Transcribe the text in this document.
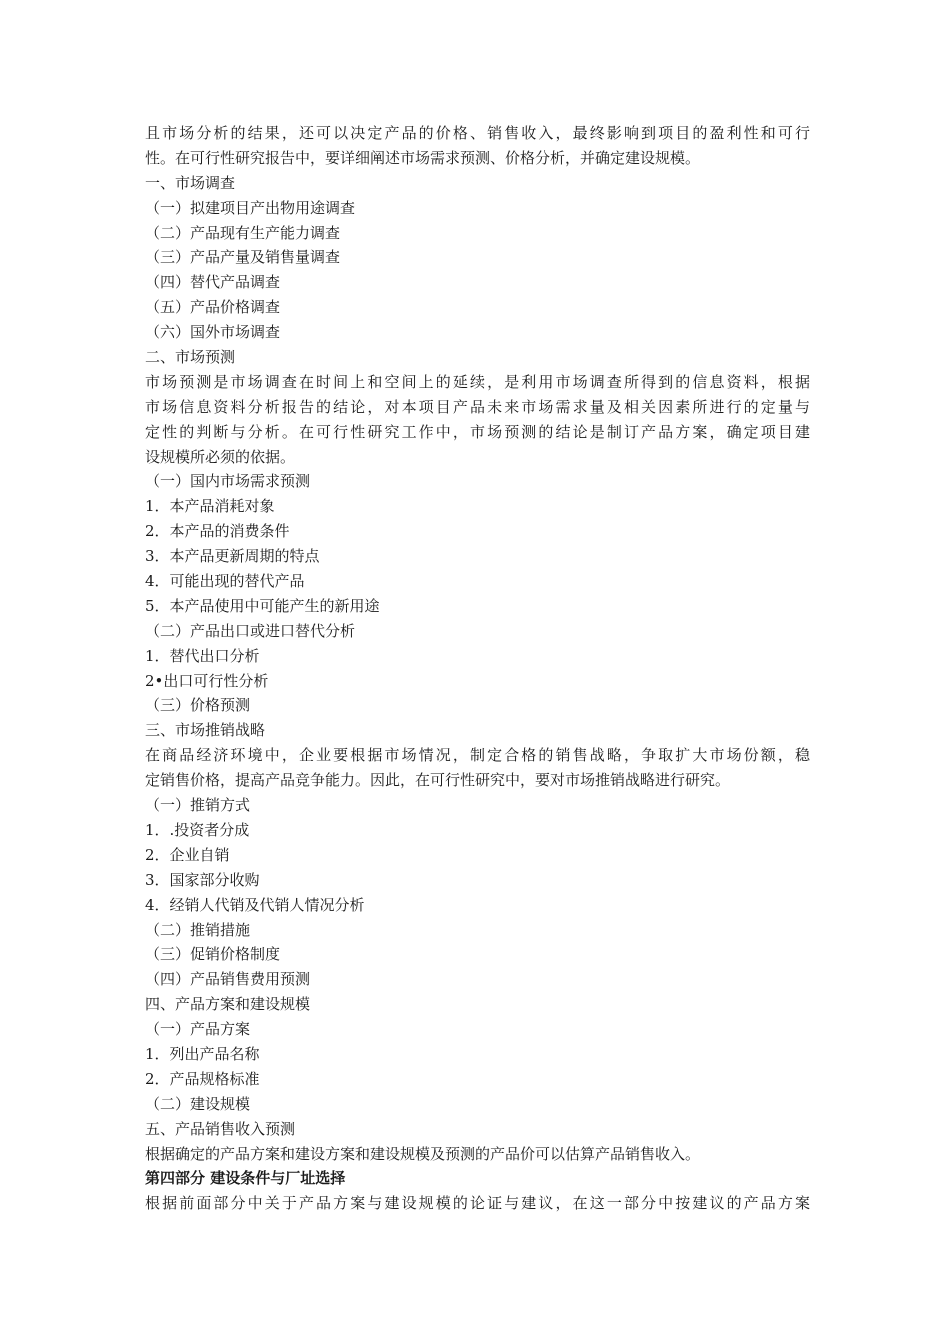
且市场分析的结果，还可以决定产品的价格、销售收入，最终影响到项目的盈利性和可行
性。在可行性研究报告中，要详细阐述市场需求预测、价格分析，并确定建设规模。
一、市场调查
（一）拟建项目产出物用途调查
（二）产品现有生产能力调查
（三）产品产量及销售量调查
（四）替代产品调查
（五）产品价格调查
（六）国外市场调查
二、市场预测
市场预测是市场调查在时间上和空间上的延续，是利用市场调查所得到的信息资料，根据
市场信息资料分析报告的结论，对本项目产品未来市场需求量及相关因素所进行的定量与
定性的判断与分析。在可行性研究工作中，市场预测的结论是制订产品方案，确定项目建
设规模所必须的依据。
（一）国内市场需求预测
1．本产品消耗对象
2．本产品的消费条件
3．本产品更新周期的特点
4．可能出现的替代产品
5．本产品使用中可能产生的新用途
（二）产品出口或进口替代分析
1．替代出口分析
2•出口可行性分析
（三）价格预测
三、市场推销战略
在商品经济环境中，企业要根据市场情况，制定合格的销售战略，争取扩大市场份额，稳
定销售价格，提高产品竞争能力。因此，在可行性研究中，要对市场推销战略进行研究。
（一）推销方式
1．.投资者分成
2．企业自销
3．国家部分收购
4．经销人代销及代销人情况分析
（二）推销措施
（三）促销价格制度
（四）产品销售费用预测
四、产品方案和建设规模
（一）产品方案
1．列出产品名称
2．产品规格标准
（二）建设规模
五、产品销售收入预测
根据确定的产品方案和建设方案和建设规模及预测的产品价可以估算产品销售收入。
第四部分 建设条件与厂址选择
根据前面部分中关于产品方案与建设规模的论证与建议，在这一部分中按建议的产品方案
